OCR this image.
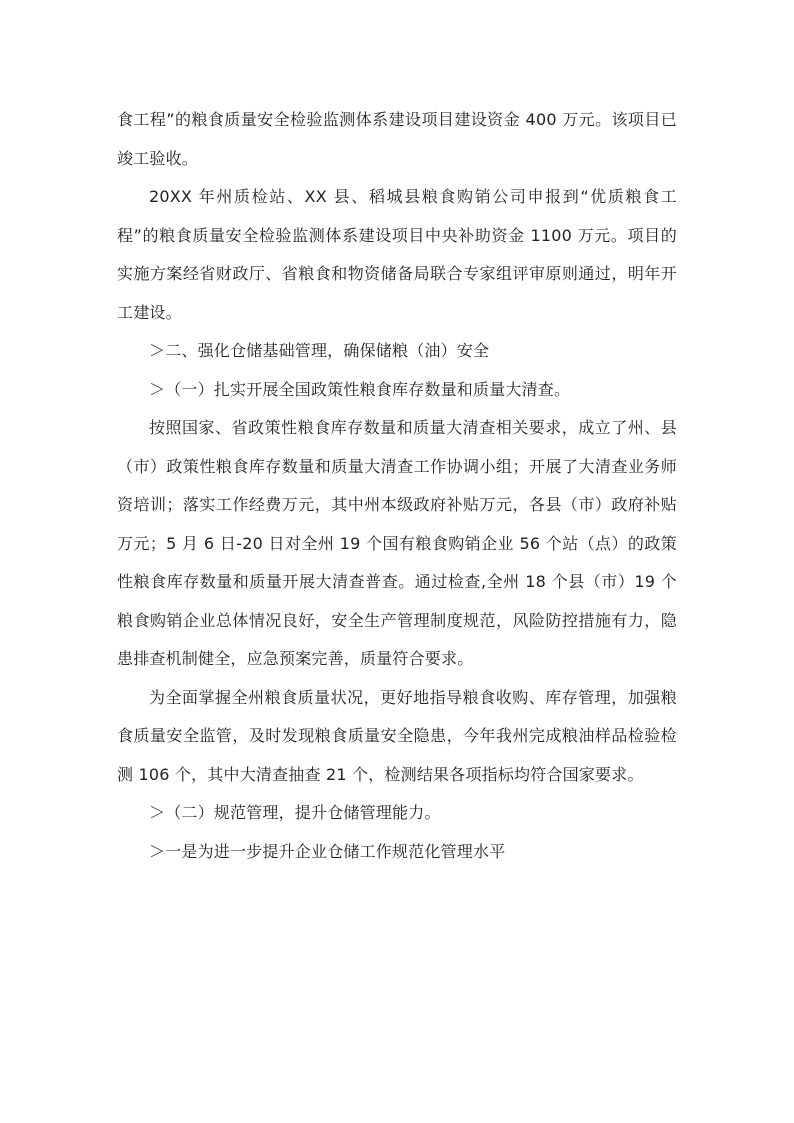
食工程”的粮食质量安全检验监测体系建设项目建设资金 400 万元。该项目已竣工验收。

20XX 年州质检站、XX 县、稻城县粮食购销公司申报到“优质粮食工程”的粮食质量安全检验监测体系建设项目中央补助资金 1100 万元。项目的实施方案经省财政厅、省粮食和物资储备局联合专家组评审原则通过，明年开工建设。

＞二、强化仓储基础管理，确保储粮（油）安全

＞（一）扎实开展全国政策性粮食库存数量和质量大清查。

按照国家、省政策性粮食库存数量和质量大清查相关要求，成立了州、县（市）政策性粮食库存数量和质量大清查工作协调小组；开展了大清查业务师资培训；落实工作经费万元，其中州本级政府补贴万元，各县（市）政府补贴万元；5 月 6 日-20 日对全州 19 个国有粮食购销企业 56 个站（点）的政策性粮食库存数量和质量开展大清查普查。通过检查,全州 18 个县（市）19 个粮食购销企业总体情况良好，安全生产管理制度规范，风险防控措施有力，隐患排查机制健全，应急预案完善，质量符合要求。

为全面掌握全州粮食质量状况，更好地指导粮食收购、库存管理，加强粮食质量安全监管，及时发现粮食质量安全隐患，今年我州完成粮油样品检验检测 106 个，其中大清查抽查 21 个，检测结果各项指标均符合国家要求。

＞（二）规范管理，提升仓储管理能力。

＞一是为进一步提升企业仓储工作规范化管理水平
